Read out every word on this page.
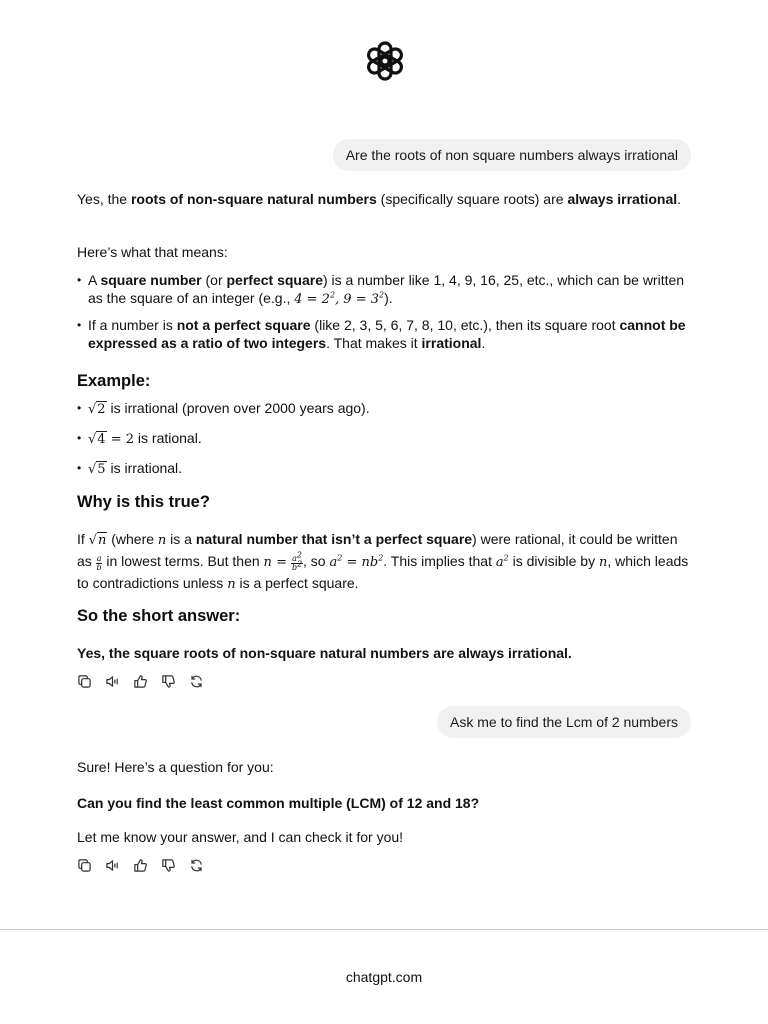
Are the roots of non square numbers always irrational

Yes, the roots of non-square natural numbers (specifically square roots) are always irrational.

Here’s what that means:

• A square number (or perfect square) is a number like 1, 4, 9, 16, 25, etc., which can be written as the square of an integer (e.g., $4 = 2^2$, $9 = 3^2$).
• If a number is not a perfect square (like 2, 3, 5, 6, 7, 8, 10, etc.), then its square root cannot be expressed as a ratio of two integers. That makes it irrational.
Example:
• √2 is irrational (proven over 2000 years ago).
• √4 = 2 is rational.
• √5 is irrational.
Why is this true?

If √n (where n is a natural number that isn’t a perfect square) were rational, it could be written as $\frac{a}{b}$ in lowest terms. But then $n = \frac{a^2}{b^2}$ , so $a^2 = nb^2$. This implies that $a^2$ is divisible by n, which leads to contradictions unless n is a perfect square.

So the short answer:

Yes, the square roots of non-square natural numbers are always irrational.

Ask me to find the Lcm of 2 numbers

Sure! Here’s a question for you:

Can you find the least common multiple (LCM) of 12 and 18?

Let me know your answer, and I can check it for you!

chatgpt.com
